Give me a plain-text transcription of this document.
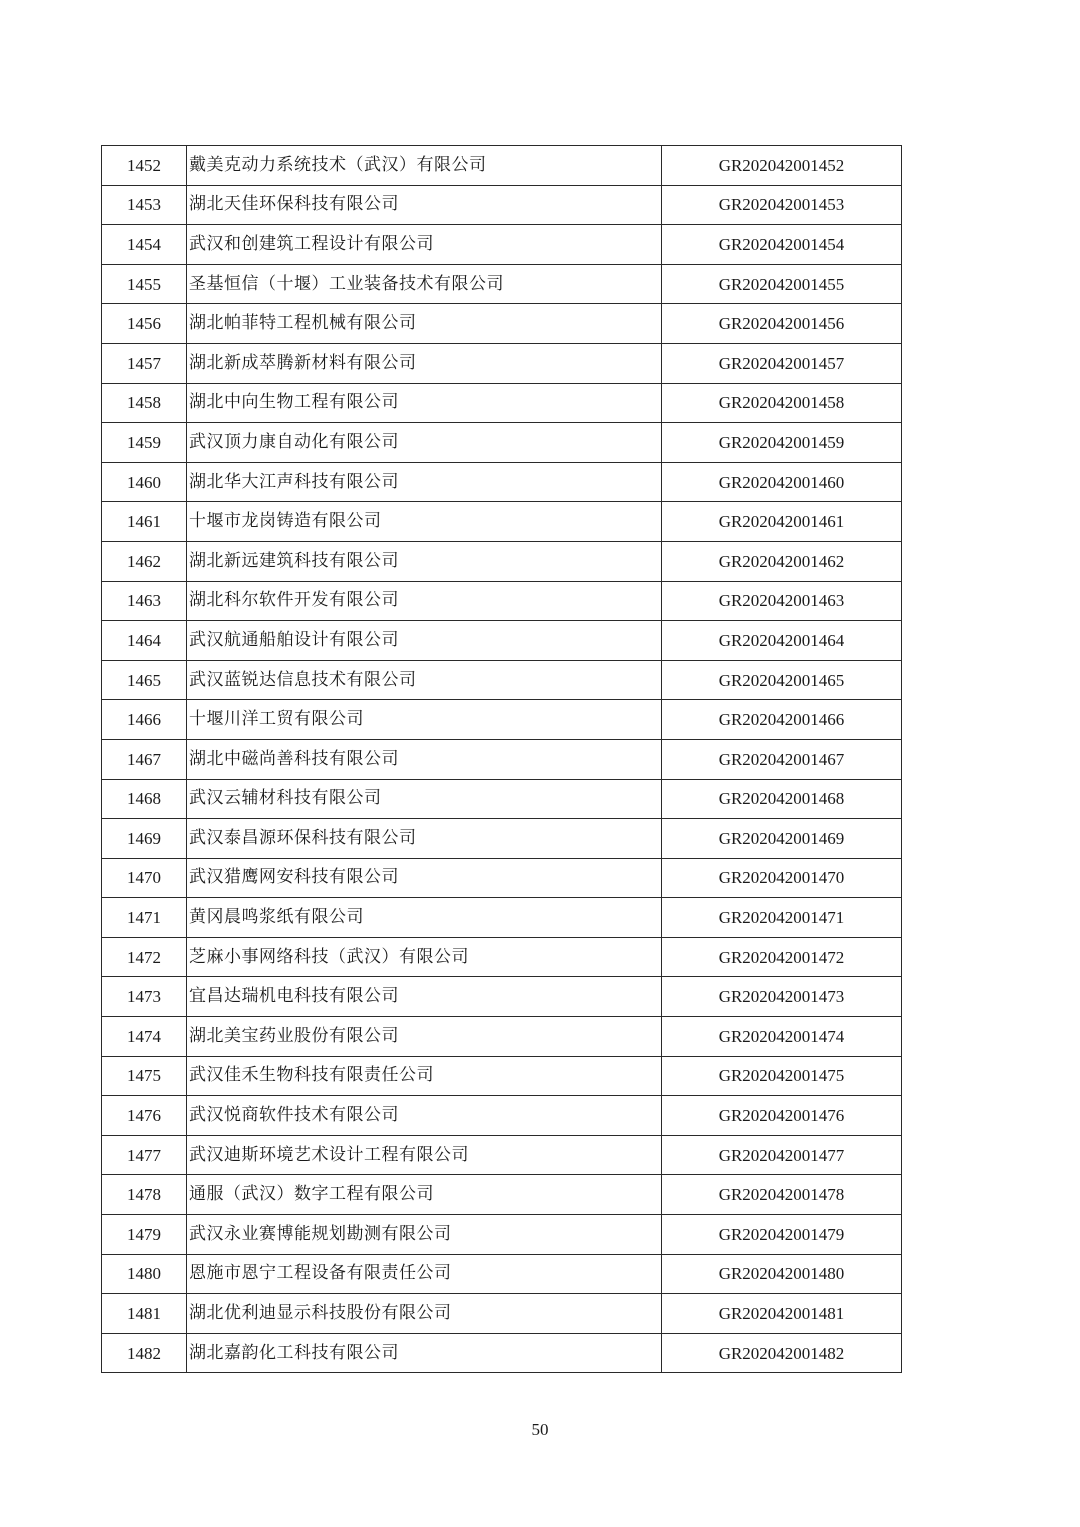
1452	戴美克动力系统技术（武汉）有限公司	GR202042001452
1453	湖北天佳环保科技有限公司	GR202042001453
1454	武汉和创建筑工程设计有限公司	GR202042001454
1455	圣基恒信（十堰）工业装备技术有限公司	GR202042001455
1456	湖北帕菲特工程机械有限公司	GR202042001456
1457	湖北新成萃腾新材料有限公司	GR202042001457
1458	湖北中向生物工程有限公司	GR202042001458
1459	武汉顶力康自动化有限公司	GR202042001459
1460	湖北华大江声科技有限公司	GR202042001460
1461	十堰市龙岗铸造有限公司	GR202042001461
1462	湖北新远建筑科技有限公司	GR202042001462
1463	湖北科尔软件开发有限公司	GR202042001463
1464	武汉航通船舶设计有限公司	GR202042001464
1465	武汉蓝锐达信息技术有限公司	GR202042001465
1466	十堰川洋工贸有限公司	GR202042001466
1467	湖北中磁尚善科技有限公司	GR202042001467
1468	武汉云辅材科技有限公司	GR202042001468
1469	武汉泰昌源环保科技有限公司	GR202042001469
1470	武汉猎鹰网安科技有限公司	GR202042001470
1471	黄冈晨鸣浆纸有限公司	GR202042001471
1472	芝麻小事网络科技（武汉）有限公司	GR202042001472
1473	宜昌达瑞机电科技有限公司	GR202042001473
1474	湖北美宝药业股份有限公司	GR202042001474
1475	武汉佳禾生物科技有限责任公司	GR202042001475
1476	武汉悦商软件技术有限公司	GR202042001476
1477	武汉迪斯环境艺术设计工程有限公司	GR202042001477
1478	通服（武汉）数字工程有限公司	GR202042001478
1479	武汉永业赛博能规划勘测有限公司	GR202042001479
1480	恩施市恩宁工程设备有限责任公司	GR202042001480
1481	湖北优利迪显示科技股份有限公司	GR202042001481
1482	湖北嘉韵化工科技有限公司	GR202042001482
50
